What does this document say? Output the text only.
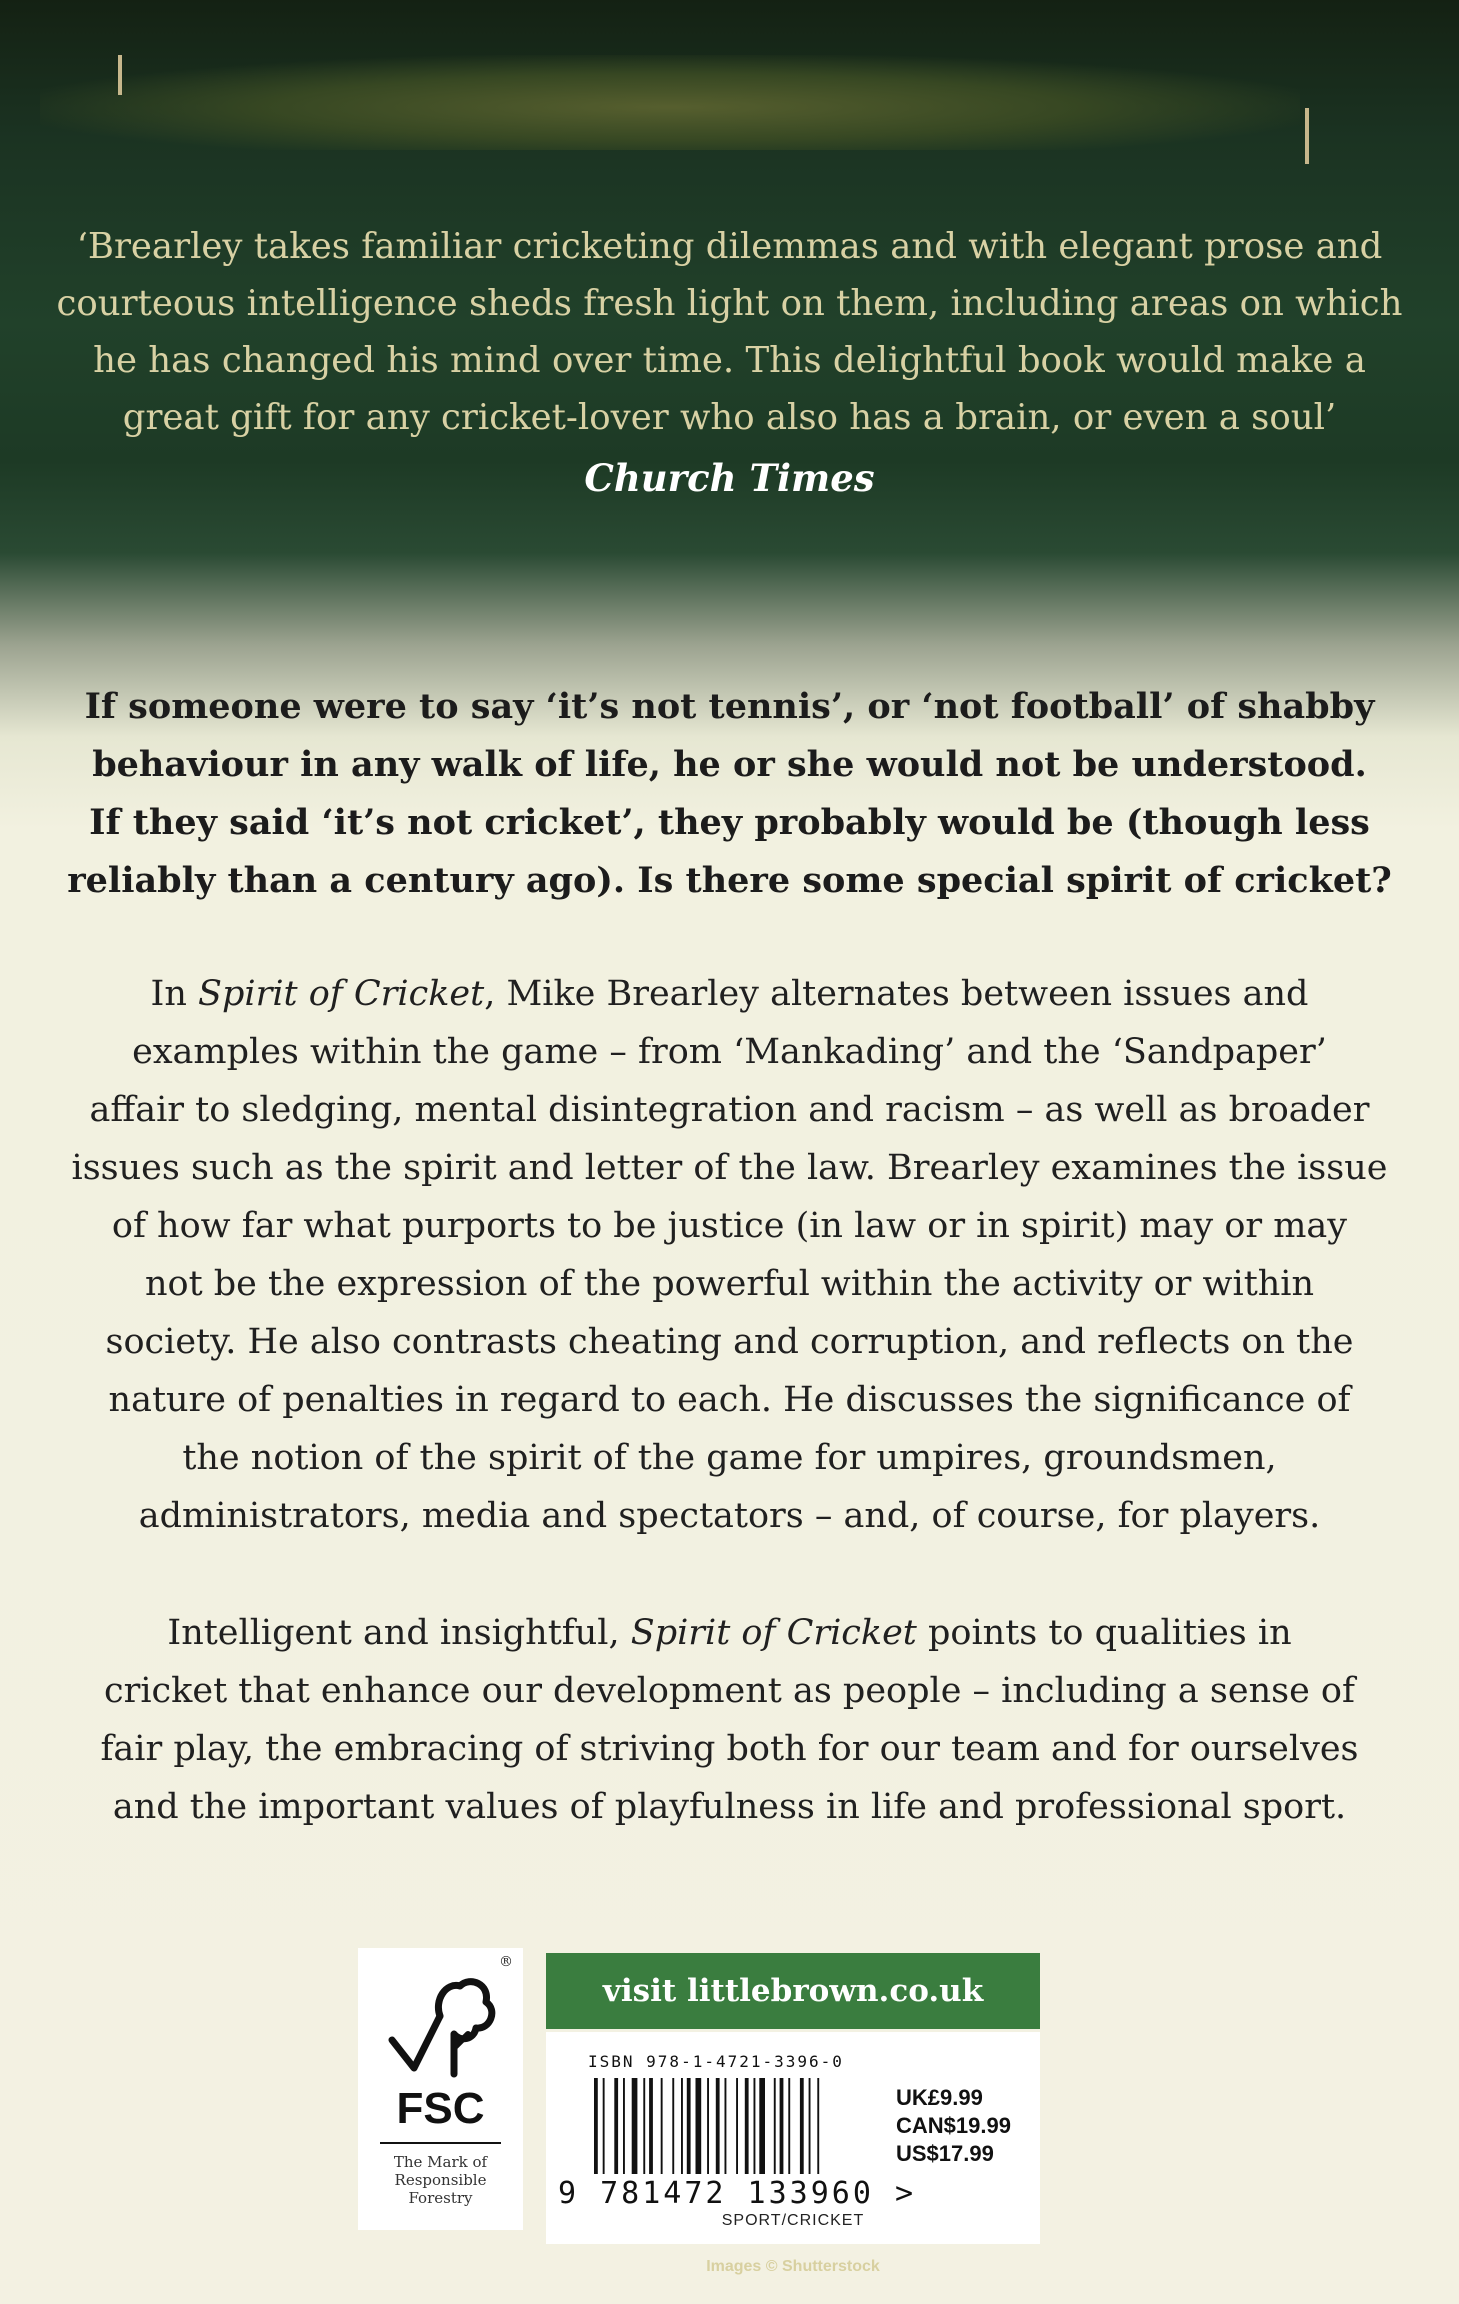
‘Brearley takes familiar cricketing dilemmas and with elegant prose and
courteous intelligence sheds fresh light on them, including areas on which
he has changed his mind over time. This delightful book would make a
great gift for any cricket-lover who also has a brain, or even a soul’
Church Times
If someone were to say ‘it’s not tennis’, or ‘not football’ of shabby
behaviour in any walk of life, he or she would not be understood.
If they said ‘it’s not cricket’, they probably would be (though less
reliably than a century ago). Is there some special spirit of cricket?
In Spirit of Cricket, Mike Brearley alternates between issues and
examples within the game – from ‘Mankading’ and the ‘Sandpaper’
affair to sledging, mental disintegration and racism – as well as broader
issues such as the spirit and letter of the law. Brearley examines the issue
of how far what purports to be justice (in law or in spirit) may or may
not be the expression of the powerful within the activity or within
society. He also contrasts cheating and corruption, and reflects on the
nature of penalties in regard to each. He discusses the significance of
the notion of the spirit of the game for umpires, groundsmen,
administrators, media and spectators – and, of course, for players.
Intelligent and insightful, Spirit of Cricket points to qualities in
cricket that enhance our development as people – including a sense of
fair play, the embracing of striving both for our team and for ourselves
and the important values of playfulness in life and professional sport.
®
FSC
The Mark of
Responsible
Forestry
visit littlebrown.co.uk
ISBN 978-1-4721-3396-0
9 781472 133960 >
UK£9.99
CAN$19.99
US$17.99
SPORT/CRICKET
Images © Shutterstock
